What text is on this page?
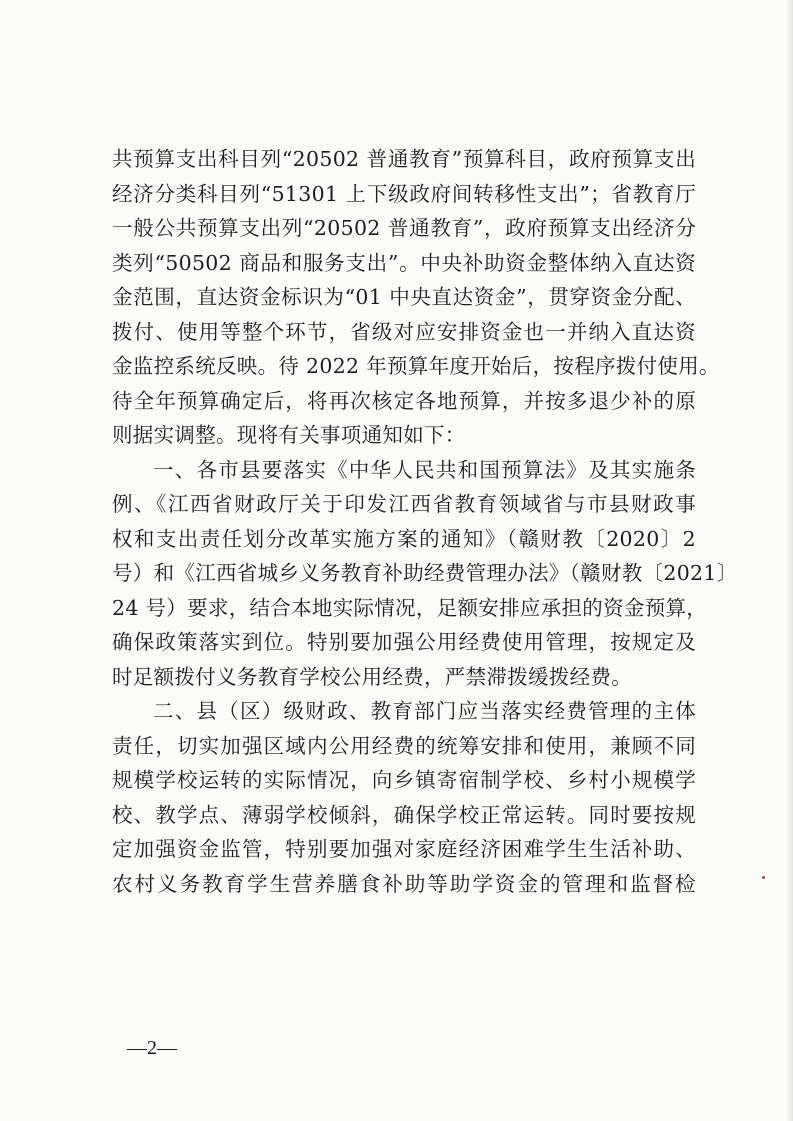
共预算支出科目列“20502 普通教育”预算科目，政府预算支出
经济分类科目列“51301 上下级政府间转移性支出”；省教育厅
一般公共预算支出列“20502 普通教育”，政府预算支出经济分
类列“50502 商品和服务支出”。中央补助资金整体纳入直达资
金范围，直达资金标识为“01 中央直达资金”，贯穿资金分配、
拨付、使用等整个环节，省级对应安排资金也一并纳入直达资
金监控系统反映。待 2022 年预算年度开始后，按程序拨付使用。
待全年预算确定后，将再次核定各地预算，并按多退少补的原
则据实调整。现将有关事项通知如下：
一、各市县要落实《中华人民共和国预算法》及其实施条
例、《江西省财政厅关于印发江西省教育领域省与市县财政事
权和支出责任划分改革实施方案的通知》（赣财教〔2020〕2
号）和《江西省城乡义务教育补助经费管理办法》（赣财教〔2021〕
24 号）要求，结合本地实际情况，足额安排应承担的资金预算，
确保政策落实到位。特别要加强公用经费使用管理，按规定及
时足额拨付义务教育学校公用经费，严禁滞拨缓拨经费。
二、县（区）级财政、教育部门应当落实经费管理的主体
责任，切实加强区域内公用经费的统筹安排和使用，兼顾不同
规模学校运转的实际情况，向乡镇寄宿制学校、乡村小规模学
校、教学点、薄弱学校倾斜，确保学校正常运转。同时要按规
定加强资金监管，特别要加强对家庭经济困难学生生活补助、
农村义务教育学生营养膳食补助等助学资金的管理和监督检
—2—
